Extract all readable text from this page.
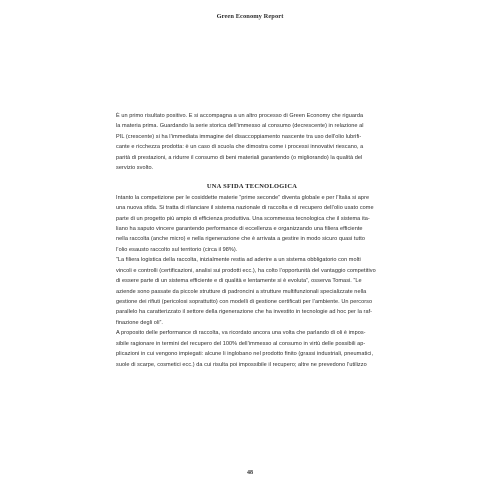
Green Economy Report
È un primo risultato positivo. E si accompagna a un altro processo di Green Economy che riguarda
la materia prima. Guardando la serie storica dell’immesso al consumo (decrescente) in relazione al
PIL (crescente) si ha l’immediata immagine del disaccoppiamento nascente tra uso dell’olio lubrifi-
cante e ricchezza prodotta: è un caso di scuola che dimostra come i processi innovativi riescano, a
parità di prestazioni, a ridurre il consumo di beni materiali garantendo (o migliorando) la qualità del
servizio svolto.
UNA SFIDA TECNOLOGICA
Intanto la competizione per le cosiddette materie “prime seconde” diventa globale e per l’Italia si apre
una nuova sfida. Si tratta di rilanciare il sistema nazionale di raccolta e di recupero dell’olio usato come
parte di un progetto più ampio di efficienza produttiva. Una scommessa tecnologica che il sistema ita-
liano ha saputo vincere garantendo performance di eccellenza e organizzando una filiera efficiente
nella raccolta (anche micro) e nella rigenerazione che è arrivata a gestire in modo sicuro quasi tutto
l’olio esausto raccolto sul territorio (circa il 98%).
“La filiera logistica della raccolta, inizialmente restia ad aderire a un sistema obbligatorio con molti
vincoli e controlli (certificazioni, analisi sui prodotti ecc.), ha colto l’opportunità del vantaggio competitivo
di essere parte di un sistema efficiente e di qualità e lentamente si è evoluta”, osserva Tomasi. “Le
aziende sono passate da piccole strutture di padroncini a strutture multifunzionali specializzate nella
gestione dei rifiuti (pericolosi soprattutto) con modelli di gestione certificati per l’ambiente. Un percorso
parallelo ha caratterizzato il settore della rigenerazione che ha investito in tecnologie ad hoc per la raf-
finazione degli oli”.
A proposito delle performance di raccolta, va ricordato ancora una volta che parlando di oli è impos-
sibile ragionare in termini del recupero del 100% dell’immesso al consumo in virtù delle possibili ap-
plicazioni in cui vengono impiegati: alcune li ingloban​o nel prodotto finito (grassi industriali, pneumatici,
suole di scarpe, cosmetici ecc.) da cui risulta poi impossibile il recupero; altre ne prevedono l’utilizzo
48
